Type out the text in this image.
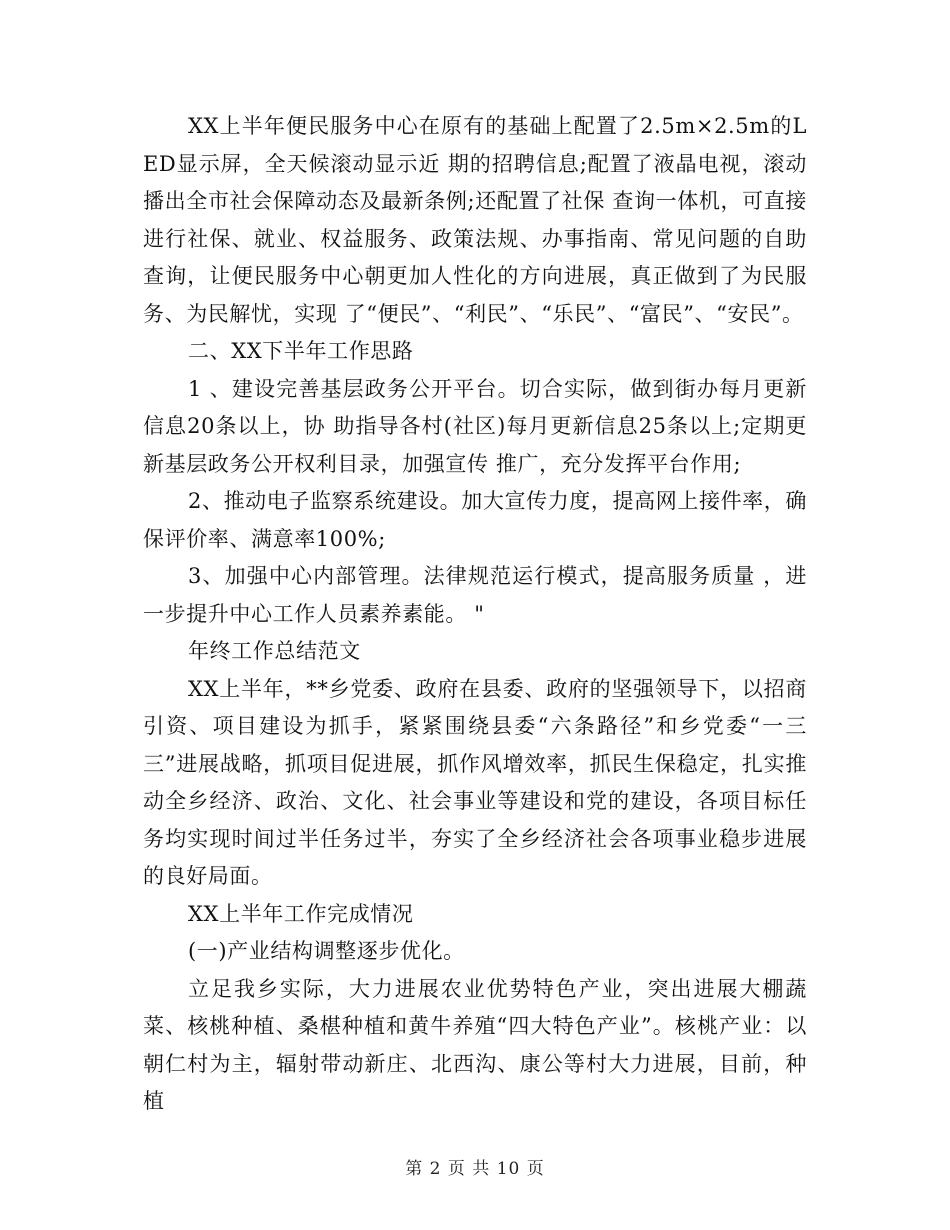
XX上半年便民服务中心在原有的基础上配置了2.5m×2.5m的LED显示屏，全天候滚动显示近 期的招聘信息;配置了液晶电视，滚动播出全市社会保障动态及最新条例;还配置了社保 查询一体机，可直接进行社保、就业、权益服务、政策法规、办事指南、常见问题的自助查询，让便民服务中心朝更加人性化的方向进展，真正做到了为民服务、为民解忧，实现 了“便民”、“利民”、“乐民”、“富民”、“安民”。

二、XX下半年工作思路

1 、建设完善基层政务公开平台。切合实际，做到街办每月更新信息20条以上，协 助指导各村(社区)每月更新信息25条以上;定期更新基层政务公开权利目录，加强宣传 推广，充分发挥平台作用;

2、推动电子监察系统建设。加大宣传力度，提高网上接件率，确保评价率、满意率100%;

3、加强中心内部管理。法律规范运行模式，提高服务质量 ，进一步提升中心工作人员素养素能。 "

年终工作总结范文

XX上半年，**乡党委、政府在县委、政府的坚强领导下，以招商引资、项目建设为抓手，紧紧围绕县委“六条路径”和乡党委“一三三”进展战略，抓项目促进展，抓作风增效率，抓民生保稳定，扎实推动全乡经济、政治、文化、社会事业等建设和党的建设，各项目标任务均实现时间过半任务过半，夯实了全乡经济社会各项事业稳步进展的良好局面。

XX上半年工作完成情况

(一)产业结构调整逐步优化。

立足我乡实际，大力进展农业优势特色产业，突出进展大棚蔬菜、核桃种植、桑椹种植和黄牛养殖“四大特色产业”。核桃产业：以朝仁村为主，辐射带动新庄、北西沟、康公等村大力进展，目前，种植

第 2 页 共 10 页
